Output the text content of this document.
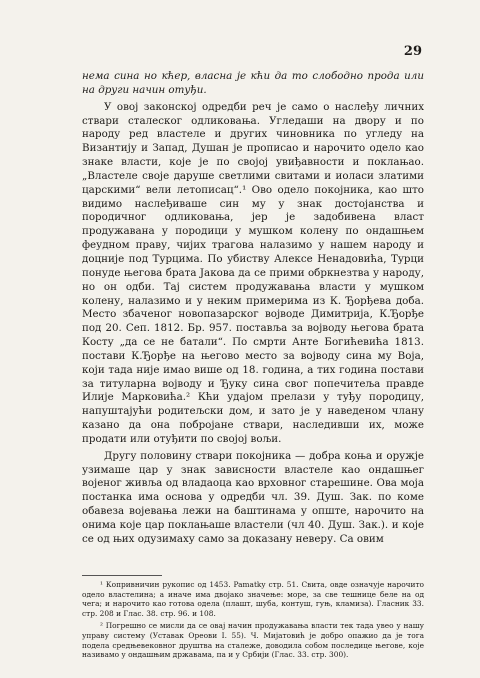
29

нема сина но кћер, власна је кћи да то слободно прода или на други начин отуђи.

У овој законској одредби реч је само о наслеђу личних ствари сталеског одликовања. Угледаши на двору и по народу ред властеле и других чиновника по угледу на Византију и Запад, Душан је прописао и нарочито одело као знаке власти, које је по својој увиђавности и поклањао. „Властеле своје даруше светлими свитами и иоласи златими царскими“ вели летописац“.¹ Ово одело покојника, као што видимо наслеђиваше син му у знак достојанства и породичног одликовања, јер је задобивена власт продужавана у породици у мушком колену по ондашњем феудном праву, чијих трагова налазимо у нашем народу и доцније под Турцима. По убиству Алексе Ненадовића, Турци понуде његова брата Јакова да се прими обркнезтва у народу, но он одби. Тај систем продужавања власти у мушком колену, налазимо и у неким примерима из К. Ђорђева доба. Место збаченог новопазарског војводе Димитрија, К.Ђорђе под 20. Сеп. 1812. Бр. 957. поставља за војводу његова брата Косту „да се не батали“. По смрти Анте Богићевића 1813. постави К.Ђорђе на његово место за војводу сина му Воја, који тада није имао више од 18. година, а тих година постави за титуларна војводу и Ђуку сина свог попечитеља правде Илије Марковића.² Кћи удајом прелази у туђу породицу, напуштајући родитељски дом, и зато је у наведеном члану казано да она побројане ствари, наследивши их, може продати или отуђити по својој вољи.

Другу половину ствари покојника — добра коња и оружје узимаше цар у знак зависности властеле као ондашњег војеног живља од владаоца као врховног старешине. Ова моја постанка има основа у одредби чл. 39. Душ. Зак. по коме обавеза војевања лежи на баштинама у опште, нарочито на онима које цар поклањаше властели (чл 40. Душ. Зак.). и које се од њих одузимаху само за доказану неверу. Са овим

¹ Копривничин рукопис од 1453. Pamatky стр. 51. Свита, овде означује нарочито одело властелина; а иначе има двојако значење: море, за све тешнице беле на од чега; и нарочито као готова одела (плашт, шуба, контуш, гуњ, кламиза). Гласник 33. стр. 208 и Глас. 38. стр. 96. и 108.

² Погрешно се мисли да се овај начин продужавања власти тек тада увео у нашу управу систему (Уставак Ореови I. 55). Ч. Мијатовић је добро опажио да је тога подела средњевековног друштва на сталеже, доводила собом последице његове, које називамо у ондашњим државама, па и у Србији (Глас. 33. стр. 300).
